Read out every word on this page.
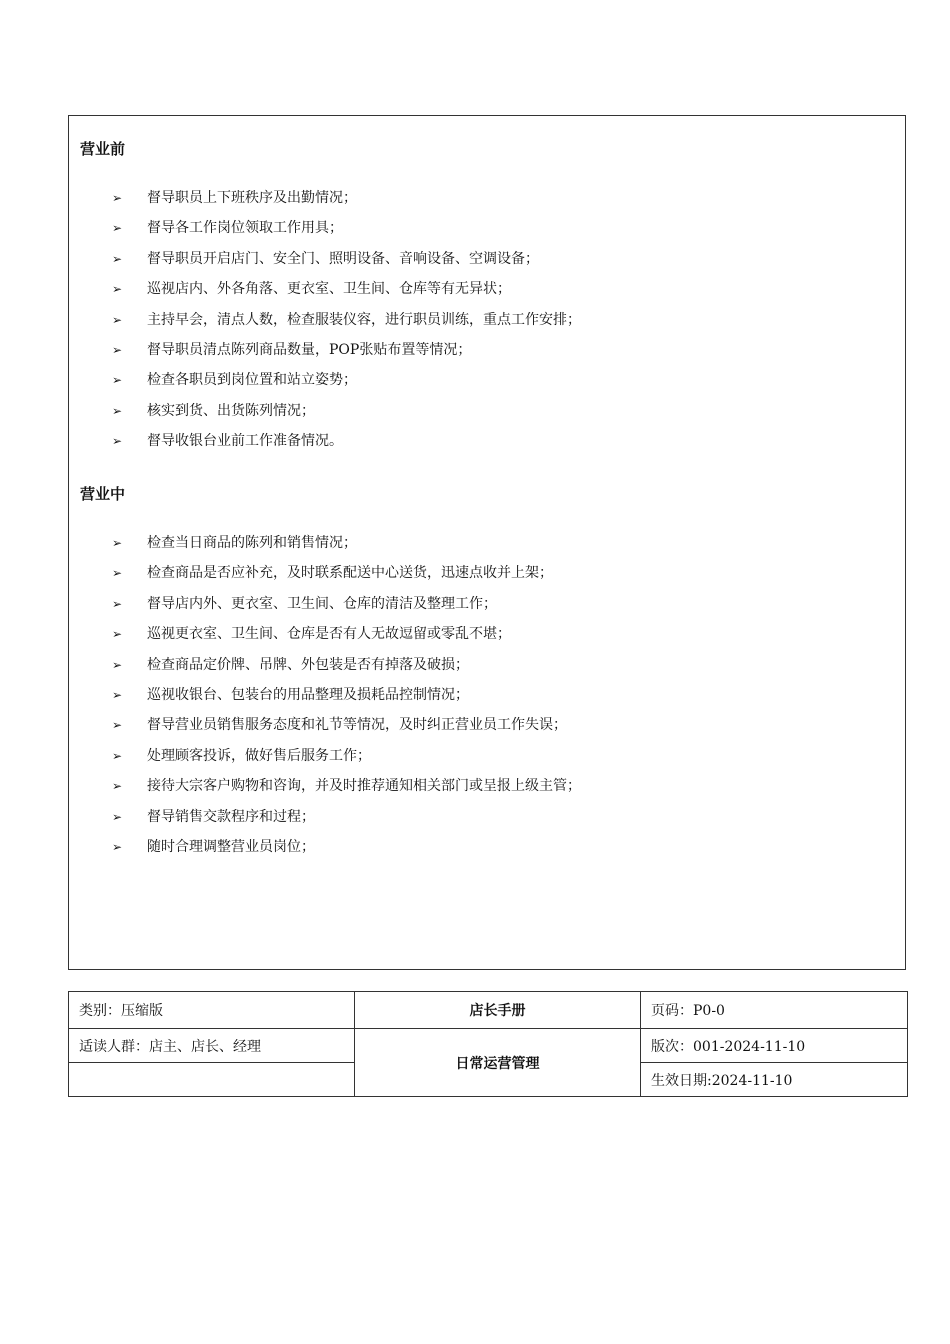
营业前
➢ 督导职员上下班秩序及出勤情况；
➢ 督导各工作岗位领取工作用具；
➢ 督导职员开启店门、安全门、照明设备、音响设备、空调设备；
➢ 巡视店内、外各角落、更衣室、卫生间、仓库等有无异状；
➢ 主持早会，清点人数，检查服装仪容，进行职员训练，重点工作安排；
➢ 督导职员清点陈列商品数量，POP张贴布置等情况；
➢ 检查各职员到岗位置和站立姿势；
➢ 核实到货、出货陈列情况；
➢ 督导收银台业前工作准备情况。
营业中
➢ 检查当日商品的陈列和销售情况；
➢ 检查商品是否应补充，及时联系配送中心送货，迅速点收并上架；
➢ 督导店内外、更衣室、卫生间、仓库的清洁及整理工作；
➢ 巡视更衣室、卫生间、仓库是否有人无故逗留或零乱不堪；
➢ 检查商品定价牌、吊牌、外包装是否有掉落及破损；
➢ 巡视收银台、包装台的用品整理及损耗品控制情况；
➢ 督导营业员销售服务态度和礼节等情况，及时纠正营业员工作失误；
➢ 处理顾客投诉，做好售后服务工作；
➢ 接待大宗客户购物和咨询，并及时推荐通知相关部门或呈报上级主管；
➢ 督导销售交款程序和过程；
➢ 随时合理调整营业员岗位；
类别：压缩版	店长手册	页码：P0-0
适读人群：店主、店长、经理	日常运营管理	版次：001-2024-11-10
		生效日期:2024-11-10
